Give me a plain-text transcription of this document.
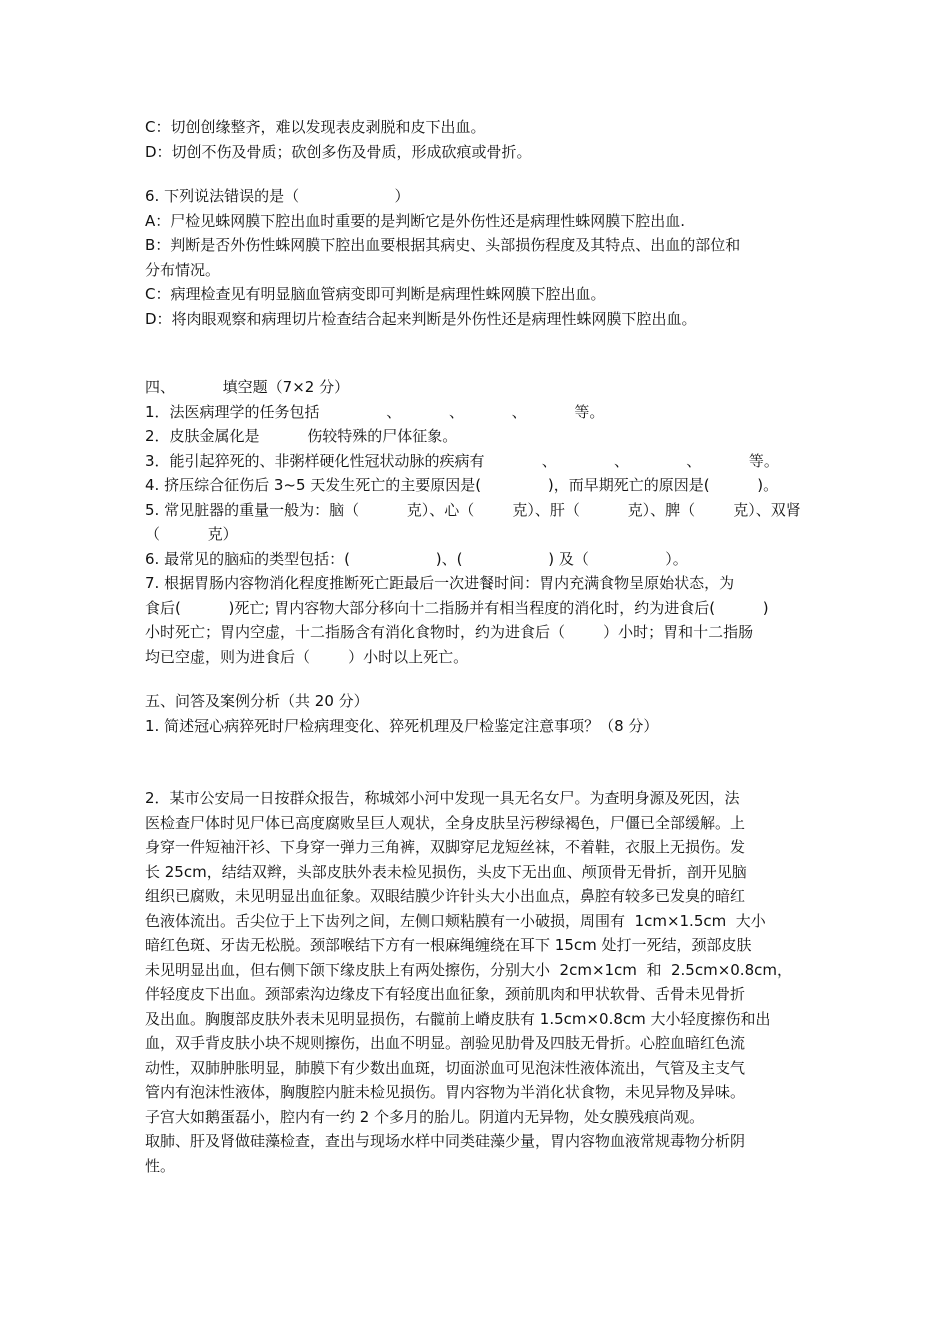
C：切创创缘整齐，难以发现表皮剥脱和皮下出血。

D：切创不伤及骨质；砍创多伤及骨质，形成砍痕或骨折。

6. 下列说法错误的是（                    ）

A：尸检见蛛网膜下腔出血时重要的是判断它是外伤性还是病理性蛛网膜下腔出血.

B：判断是否外伤性蛛网膜下腔出血要根据其病史、头部损伤程度及其特点、出血的部位和

分布情况。

C：病理检查见有明显脑血管病变即可判断是病理性蛛网膜下腔出血。

D：将肉眼观察和病理切片检查结合起来判断是外伤性还是病理性蛛网膜下腔出血。

四、          填空题（7×2 分）

1．法医病理学的任务包括              、          、          、          等。

2．皮肤金属化是          伤较特殊的尸体征象。

3．能引起猝死的、非粥样硬化性冠状动脉的疾病有            、            、            、          等。

4. 挤压综合征伤后 3~5 天发生死亡的主要原因是(              )，而早期死亡的原因是(          )。

5. 常见脏器的重量一般为：脑（          克）、心（        克）、肝（          克）、脾（        克）、双肾

（          克）

6. 最常见的脑疝的类型包括：(                  )、(                  ) 及（                ）。

7. 根据胃肠内容物消化程度推断死亡距最后一次进餐时间：胃内充满食物呈原始状态，为

食后(          )死亡; 胃内容物大部分移向十二指肠并有相当程度的消化时，约为进食后(          )

小时死亡；胃内空虚，十二指肠含有消化食物时，约为进食后（        ）小时；胃和十二指肠

均已空虚，则为进食后（        ）小时以上死亡。

五、问答及案例分析（共 20 分）

1. 简述冠心病猝死时尸检病理变化、猝死机理及尸检鉴定注意事项？（8 分）

2．某市公安局一日按群众报告，称城郊小河中发现一具无名女尸。为查明身源及死因，法

医检查尸体时见尸体已高度腐败呈巨人观状，全身皮肤呈污秽绿褐色，尸僵已全部缓解。上

身穿一件短袖汗衫、下身穿一弹力三角裤，双脚穿尼龙短丝袜，不着鞋，衣服上无损伤。发

长 25cm，结结双辫，头部皮肤外表未检见损伤，头皮下无出血、颅顶骨无骨折，剖开见脑

组织已腐败，未见明显出血征象。双眼结膜少许针头大小出血点，鼻腔有较多已发臭的暗红

色液体流出。舌尖位于上下齿列之间，左侧口颊粘膜有一小破损，周围有  1cm×1.5cm  大小

暗红色斑、牙齿无松脱。颈部喉结下方有一根麻绳缠绕在耳下 15cm 处打一死结，颈部皮肤

未见明显出血，但右侧下颌下缘皮肤上有两处擦伤，分别大小  2cm×1cm  和  2.5cm×0.8cm，

伴轻度皮下出血。颈部索沟边缘皮下有轻度出血征象，颈前肌肉和甲状软骨、舌骨未见骨折

及出血。胸腹部皮肤外表未见明显损伤，右髋前上嵴皮肤有 1.5cm×0.8cm 大小轻度擦伤和出

血，双手背皮肤小块不规则擦伤，出血不明显。剖验见肋骨及四肢无骨折。心腔血暗红色流

动性，双肺肿胀明显，肺膜下有少数出血斑，切面淤血可见泡沫性液体流出，气管及主支气

管内有泡沫性液体，胸腹腔内脏未检见损伤。胃内容物为半消化状食物，未见异物及异味。

子宫大如鹅蛋磊小，腔内有一约 2 个多月的胎儿。阴道内无异物，处女膜残痕尚观。

取肺、肝及肾做硅藻检查，查出与现场水样中同类硅藻少量，胃内容物血液常规毒物分析阴

性。
